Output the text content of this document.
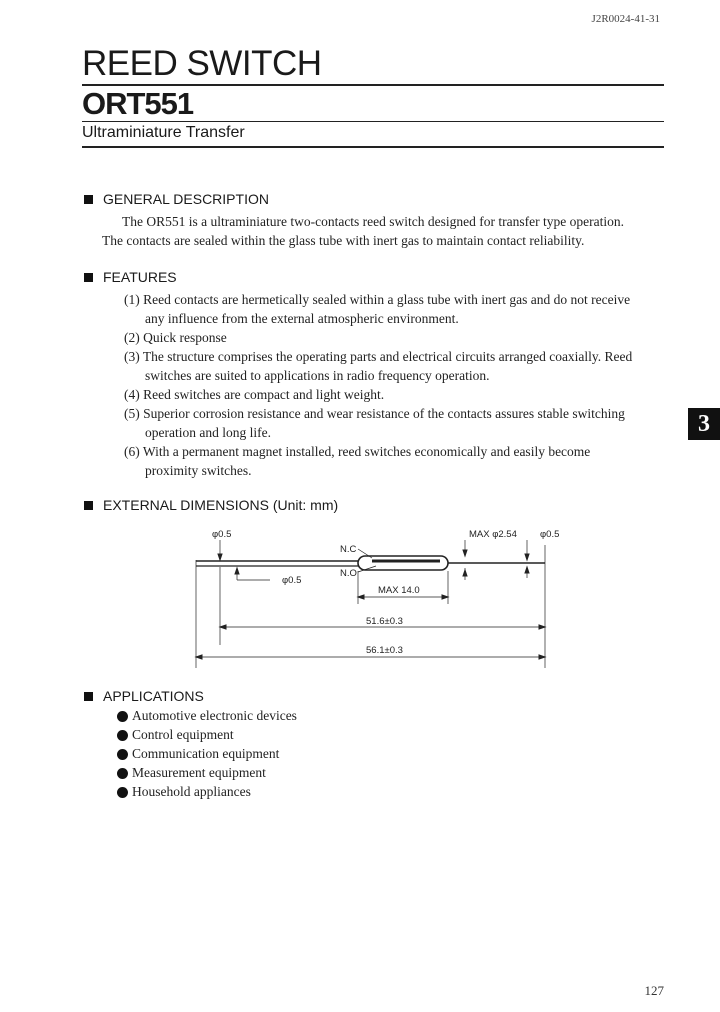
J2R0024-41-31
REED SWITCH
ORT551
Ultraminiature Transfer
GENERAL DESCRIPTION
The OR551 is a ultraminiature two-contacts reed switch designed for transfer type operation.
The contacts are sealed within the glass tube with inert gas to maintain contact reliability.
FEATURES
(1) Reed contacts are hermetically sealed within a glass tube with inert gas and do not receive
any influence from the external atmospheric environment.
(2) Quick response
(3) The structure comprises the operating parts and electrical circuits arranged coaxially. Reed
switches are suited to applications in radio frequency operation.
(4) Reed switches are compact and light weight.
(5) Superior corrosion resistance and wear resistance of the contacts assures stable switching
operation and long life.
(6) With a permanent magnet installed, reed switches economically and easily become
proximity switches.
3
EXTERNAL DIMENSIONS (Unit: mm)
φ0.5	MAX φ2.54 φ0.5
N.C
N.O
φ0.5
MAX 14.0
51.6±0.3
56.1±0.3
APPLICATIONS
Automotive electronic devices
Control equipment
Communication equipment
Measurement equipment
Household appliances
127
